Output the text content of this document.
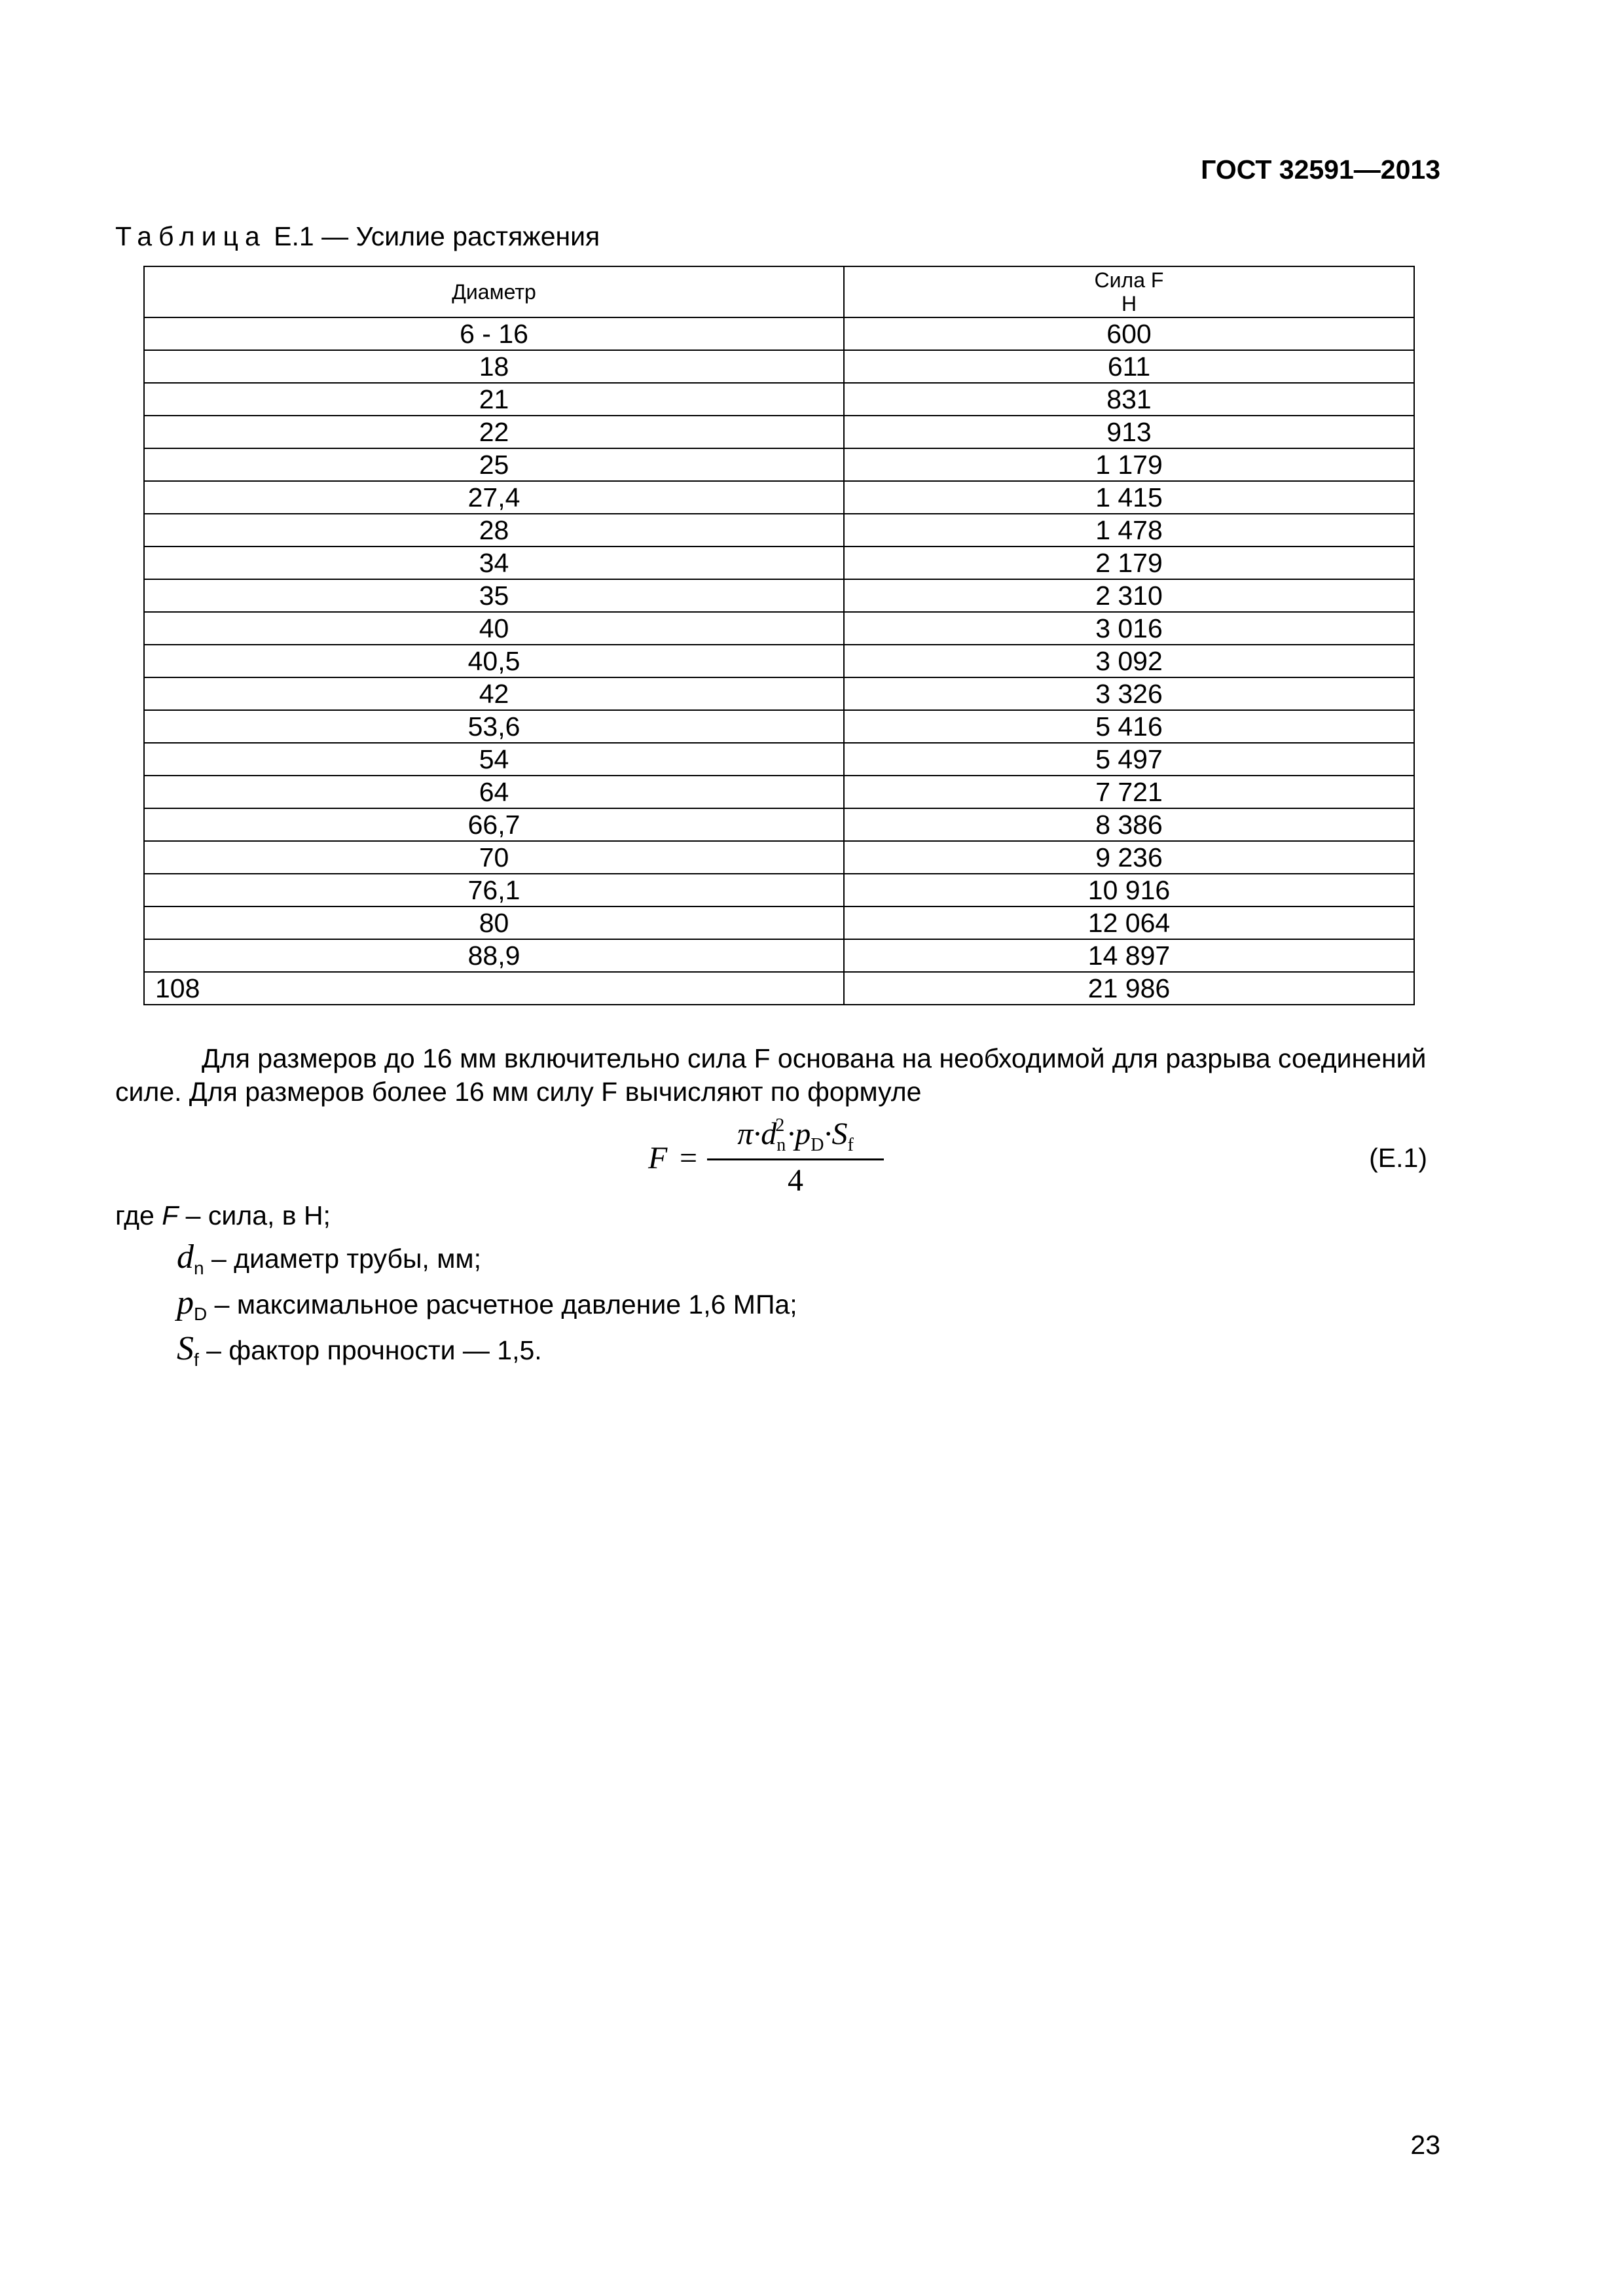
ГОСТ 32591—2013
Таблица Е.1 — Усилие растяжения
Диаметр	Сила F
Н

6 - 16	600
18	611
21	831
22	913
25	1 179
27,4	1 415
28	1 478
34	2 179
35	2 310
40	3 016
40,5	3 092
42	3 326
53,6	5 416
54	5 497
64	7 721
66,7	8 386
70	9 236
76,1	10 916
80	12 064
88,9	14 897
108	21 986
Для размеров до 16 мм включительно сила F основана на необходимой для разрыва соединений
силе. Для размеров более 16 мм силу F вычисляют по формуле
F =
$\pi\cdot d_n^2\cdot p_D\cdot S_f$
4
(Е.1)
где F – сила, в Н;
$d_n$ – диаметр трубы, мм;
$p_D$ – максимальное расчетное давление 1,6 МПа;
$S_f$ – фактор прочности — 1,5.
23
